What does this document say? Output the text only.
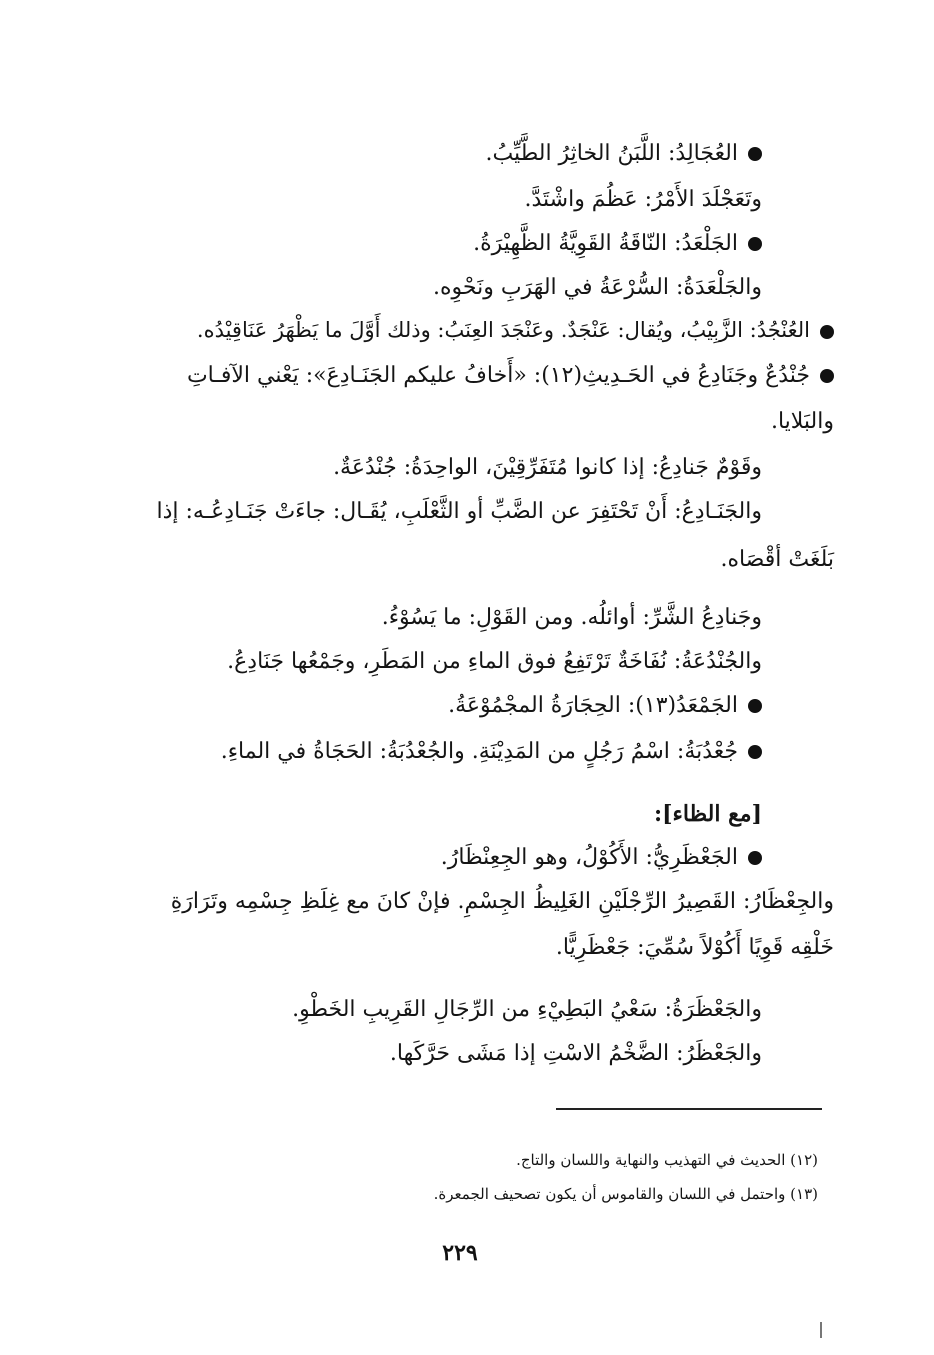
العُجَالِدُ: اللَّبَنُ الخاثِرُ الطَّيِّبُ.
وتَعَجْلَدَ الأَمْرُ: عَظُمَ واشْتَدَّ.
الجَلْعَدُ: النّاقَةُ القَوِيَّةُ الظَّهِيْرَةُ.
والجَلْعَدَةُ: السُّرْعَةُ في الهَرَبِ ونَحْوِه.
العُنْجُدُ: الزَّبِيْبُ، ويُقال: عَنْجَدٌ. وعَنْجَدَ العِنَبُ: وذلك أَوَّلَ ما يَظْهَرُ عَنَاقِيْدُه.
جُنْدُعٌ وجَنَادِعُ في الحَـدِيثِ(١٢): «أَخافُ عليكم الجَنَـادِعَ»: يَعْني الآفـاتِ
والبَلايا.
وقَوْمٌ جَنادِعُ: إذا كانوا مُتَفَرِّقِيْنَ، الواحِدَةُ: جُنْدُعَةٌ.
والجَنَـادِعُ: أَنْ تَحْتَفِرَ عن الضَّبِّ أو الثَّعْلَبِ، يُقَـال: جاءَتْ جَنَـادِعُـه: إذا
بَلَغَتْ أقْصَاه.
وجَنادِعُ الشَّرِّ: أوائلُه. ومن القَوْلِ: ما يَسُوْءُ.
والجُنْدُعَةُ: نُفَاخَةٌ تَرْتَفِعُ فوق الماءِ من المَطَرِ، وجَمْعُها جَنَادِعُ.
الجَمْعَدُ(١٣): الحِجَارَةُ المجْمُوْعَةُ.
جُعْدُبَةُ: اسْمُ رَجُلٍ من المَدِيْنَةِ. والجُعْدُبَةُ: الحَجَاةُ في الماءِ.
[مع الظاء]:
الجَعْظَرِيُّ: الأَكُوْلُ، وهو الجِعِنْظَارُ.
والجِعْظَارُ: القَصِيرُ الرِّجْلَيْنِ الغَلِيظُ الجِسْمِ. فإنْ كانَ مع غِلَظِ جِسْمِه وتَرَارَةِ
خَلْقِه قَوِيًا أَكُوْلاً سُمِّيَ: جَعْظَرِيًّا.
والجَعْظَرَةُ: سَعْيُ البَطِيْءِ من الرِّجَالِ القَرِيبِ الخَطْوِ.
والجَعْظَرُ: الضَّخْمُ الاسْتِ إذا مَشَى حَرَّكَها.
(١٢) الحديث في التهذيب والنهاية واللسان والتاج.
(١٣) واحتمل في اللسان والقاموس أن يكون تصحيف الجمعرة.
٢٢٩
